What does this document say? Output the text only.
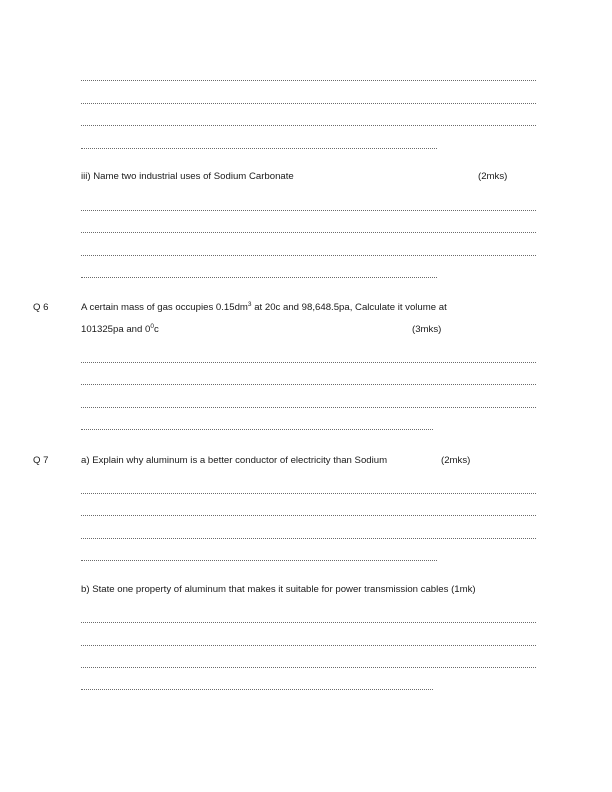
iii) Name two industrial uses of Sodium Carbonate	(2mks)
Q 6	A certain mass of gas occupies $0.15dm^3$ at 20c and 98,648.5pa, Calculate it volume at
101325pa and $0^0c$	(3mks)
Q 7	a) Explain why aluminum is a better conductor of electricity than Sodium	(2mks)
b) State one property of aluminum that makes it suitable for power transmission cables (1mk)
